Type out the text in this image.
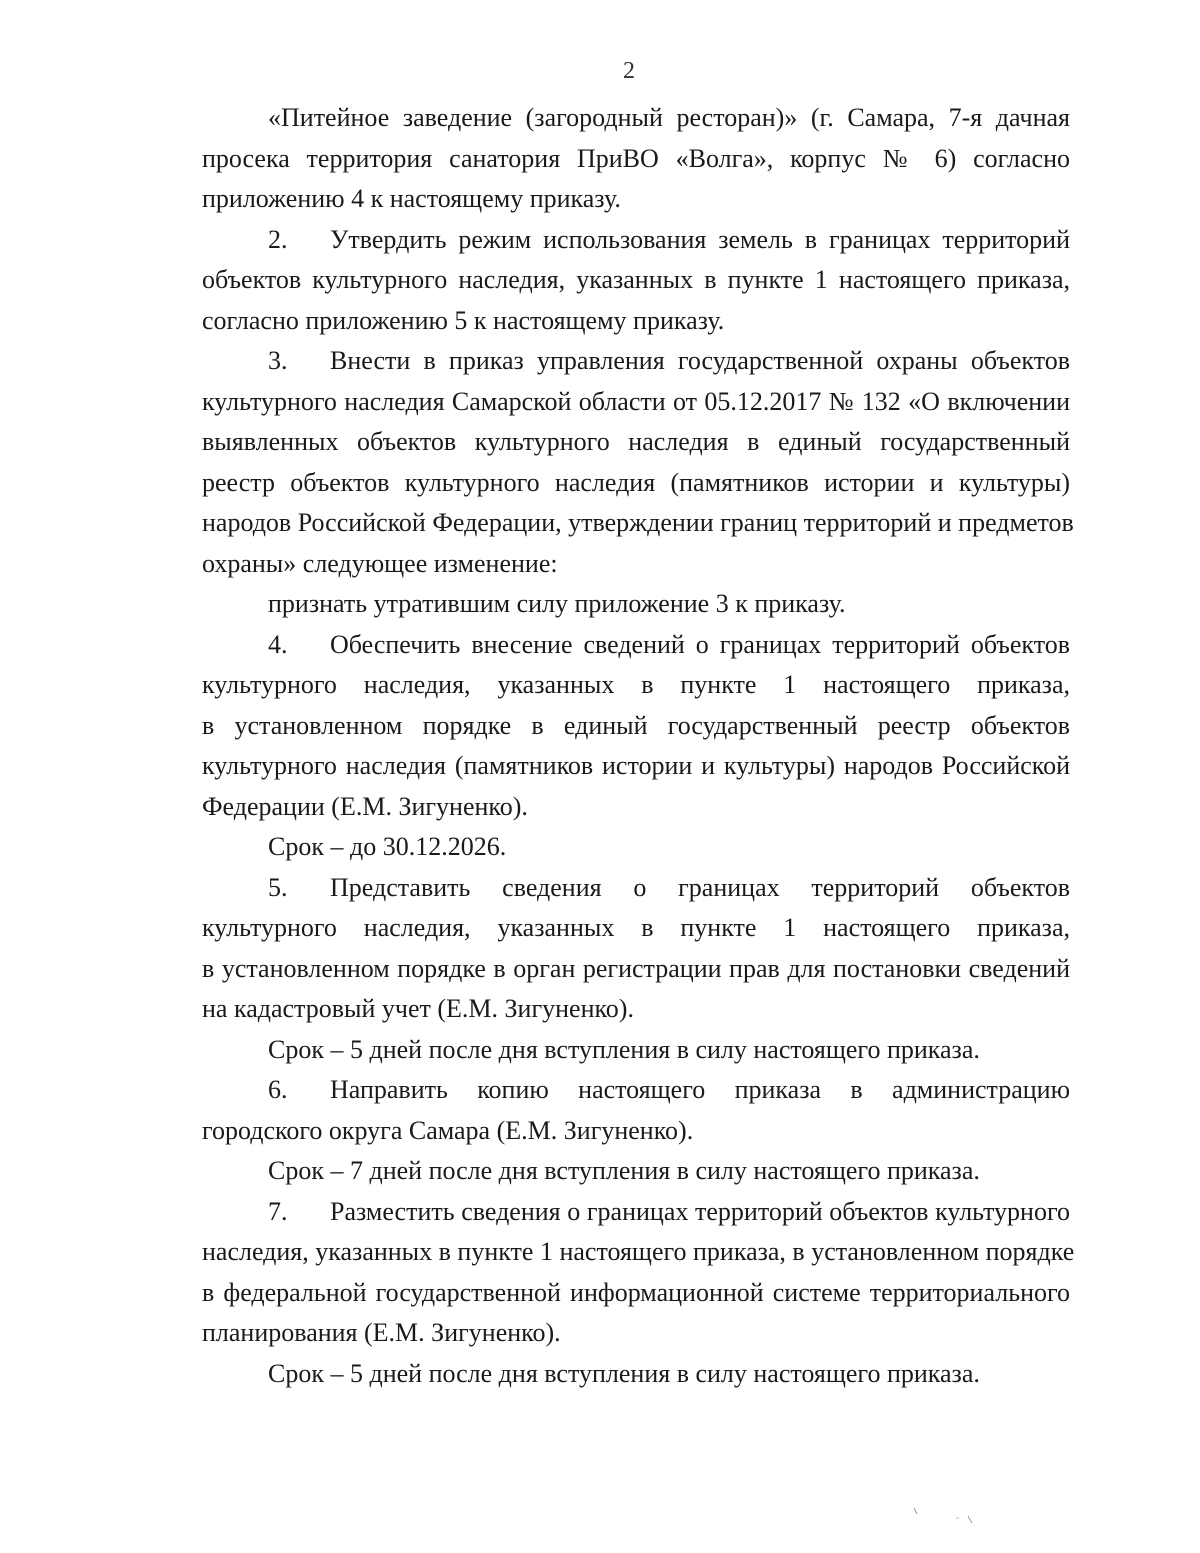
2
«Питейное заведение (загородный ресторан)» (г. Самара, 7-я дачная
просека территория санатория ПриВО «Волга», корпус № 6) согласно
приложению 4 к настоящему приказу.
2. Утвердить режим использования земель в границах территорий
объектов культурного наследия, указанных в пункте 1 настоящего приказа,
согласно приложению 5 к настоящему приказу.
3. Внести в приказ управления государственной охраны объектов
культурного наследия Самарской области от 05.12.2017 № 132 «О включении
выявленных объектов культурного наследия в единый государственный
реестр объектов культурного наследия (памятников истории и культуры)
народов Российской Федерации, утверждении границ территорий и предметов
охраны» следующее изменение:
признать утратившим силу приложение 3 к приказу.
4. Обеспечить внесение сведений о границах территорий объектов
культурного наследия, указанных в пункте 1 настоящего приказа,
в установленном порядке в единый государственный реестр объектов
культурного наследия (памятников истории и культуры) народов Российской
Федерации (Е.М. Зигуненко).
Срок – до 30.12.2026.
5. Представить сведения о границах территорий объектов
культурного наследия, указанных в пункте 1 настоящего приказа,
в установленном порядке в орган регистрации прав для постановки сведений
на кадастровый учет (Е.М. Зигуненко).
Срок – 5 дней после дня вступления в силу настоящего приказа.
6. Направить копию настоящего приказа в администрацию
городского округа Самара (Е.М. Зигуненко).
Срок – 7 дней после дня вступления в силу настоящего приказа.
7. Разместить сведения о границах территорий объектов культурного
наследия, указанных в пункте 1 настоящего приказа, в установленном порядке
в федеральной государственной информационной системе территориального
планирования (Е.М. Зигуненко).
Срок – 5 дней после дня вступления в силу настоящего приказа.
